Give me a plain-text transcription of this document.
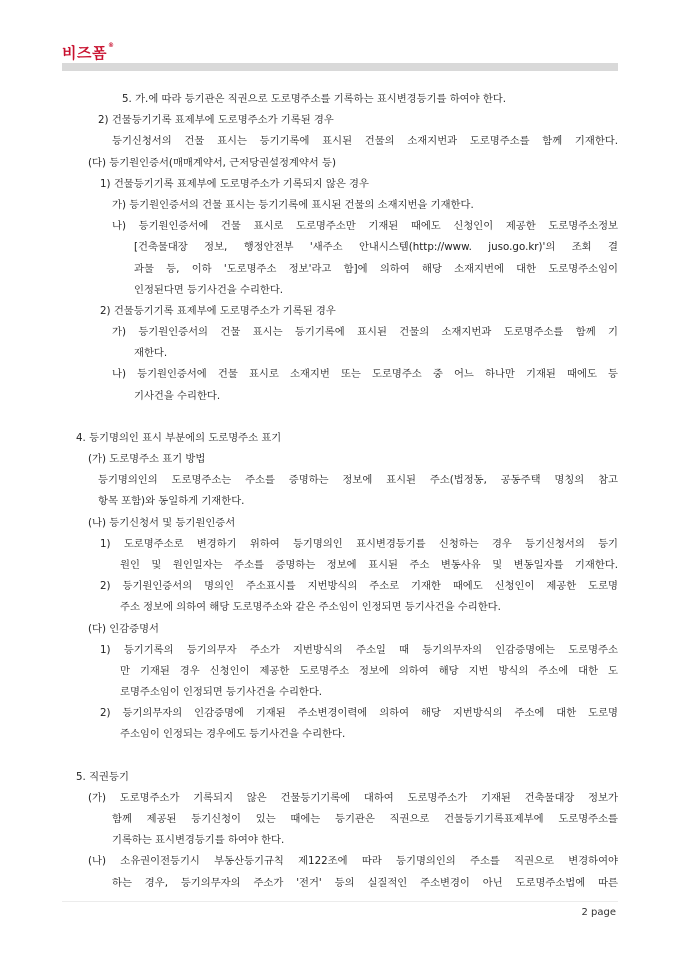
비즈폼®
5. 가.에 따라 등기관은 직권으로 도로명주소를 기록하는 표시변경등기를 하여야 한다.
2) 건물등기기록 표제부에 도로명주소가 기록된 경우
등기신청서의 건물 표시는 등기기록에 표시된 건물의 소재지번과 도로명주소를 함께 기재한다.
(다) 등기원인증서(매매계약서, 근저당권설정계약서 등)
1) 건물등기기록 표제부에 도로명주소가 기록되지 않은 경우
가) 등기원인증서의 건물 표시는 등기기록에 표시된 건물의 소재지번을 기재한다.
나) 등기원인증서에 건물 표시로 도로명주소만 기재된 때에도 신청인이 제공한 도로명주소정보
[건축물대장 정보, 행정안전부 '새주소 안내시스템(http://www. juso.go.kr)'의 조회 결
과물 등, 이하 '도로명주소 정보'라고 함]에 의하여 해당 소재지번에 대한 도로명주소임이
인정된다면 등기사건을 수리한다.
2) 건물등기기록 표제부에 도로명주소가 기록된 경우
가) 등기원인증서의 건물 표시는 등기기록에 표시된 건물의 소재지번과 도로명주소를 함께 기
재한다.
나) 등기원인증서에 건물 표시로 소재지번 또는 도로명주소 중 어느 하나만 기재된 때에도 등
기사건을 수리한다.
4. 등기명의인 표시 부분에의 도로명주소 표기
(가) 도로명주소 표기 방법
등기명의인의 도로명주소는 주소를 증명하는 정보에 표시된 주소(법정동, 공동주택 명칭의 참고
항목 포함)와 동일하게 기재한다.
(나) 등기신청서 및 등기원인증서
1) 도로명주소로 변경하기 위하여 등기명의인 표시변경등기를 신청하는 경우 등기신청서의 등기
원인 및 원인일자는 주소를 증명하는 정보에 표시된 주소 변동사유 및 변동일자를 기재한다.
2) 등기원인증서의 명의인 주소표시를 지번방식의 주소로 기재한 때에도 신청인이 제공한 도로명
주소 정보에 의하여 해당 도로명주소와 같은 주소임이 인정되면 등기사건을 수리한다.
(다) 인감증명서
1) 등기기록의 등기의무자 주소가 지번방식의 주소일 때 등기의무자의 인감증명에는 도로명주소
만 기재된 경우 신청인이 제공한 도로명주소 정보에 의하여 해당 지번 방식의 주소에 대한 도
로명주소임이 인정되면 등기사건을 수리한다.
2) 등기의무자의 인감증명에 기재된 주소변경이력에 의하여 해당 지번방식의 주소에 대한 도로명
주소임이 인정되는 경우에도 등기사건을 수리한다.
5. 직권등기
(가) 도로명주소가 기록되지 않은 건물등기기록에 대하여 도로명주소가 기재된 건축물대장 정보가
함께 제공된 등기신청이 있는 때에는 등기관은 직권으로 건물등기기록표제부에 도로명주소를
기록하는 표시변경등기를 하여야 한다.
(나) 소유권이전등기시 부동산등기규칙 제122조에 따라 등기명의인의 주소를 직권으로 변경하여야
하는 경우, 등기의무자의 주소가 '전거' 등의 실질적인 주소변경이 아닌 도로명주소법에 따른
2 page
